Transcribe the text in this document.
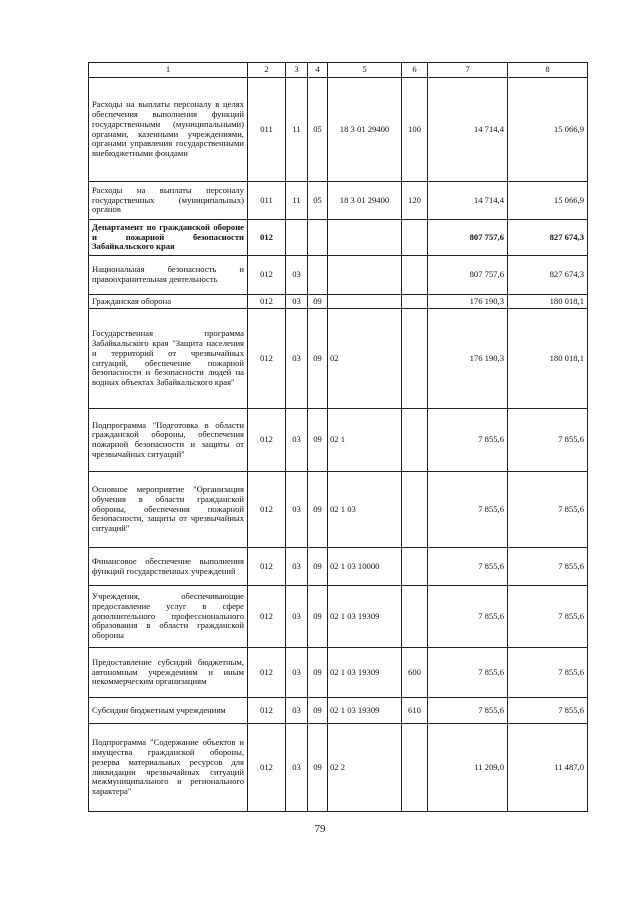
1	2	3	4	5	6	7	8
Расходы на выплаты персоналу в целях обеспечения выполнения функций государственными (муниципальными) органами, казенными учреждениями, органами управления государственными внебюджетными фондами	011	11	05	18 3 01 29400	100	14 714,4	15 066,9
Расходы на выплаты персоналу государственных (муниципальных) органов	011	11	05	18 3 01 29400	120	14 714,4	15 066,9
Департамент по гражданской обороне и пожарной безопасности Забайкальского края	012					807 757,6	827 674,3
Национальная безопасность и правоохранительная деятельность	012	03				807 757,6	827 674,3
Гражданская оборона	012	03	09			176 190,3	180 018,1
Государственная программа Забайкальского края "Защита населения и территорий от чрезвычайных ситуаций, обеспечение пожарной безопасности и безопасности людей на водных объектах Забайкальского края"	012	03	09	02		176 190,3	180 018,1
Подпрограмма "Подготовка в области гражданской обороны, обеспечения пожарной безопасности и защиты от чрезвычайных ситуаций"	012	03	09	02 1		7 855,6	7 855,6
Основное мероприятие "Организация обучения в области гражданской обороны, обеспечения пожарной безопасности, защиты от чрезвычайных ситуаций"	012	03	09	02 1 03		7 855,6	7 855,6
Финансовое обеспечение выполнения функций государственных учреждений	012	03	09	02 1 03 10000		7 855,6	7 855,6
Учреждения, обеспечивающие предоставление услуг в сфере дополнительного профессионального образования в области гражданской обороны	012	03	09	02 1 03 19309		7 855,6	7 855,6
Предоставление субсидий бюджетным, автономным учреждениям и иным некоммерческим организациям	012	03	09	02 1 03 19309	600	7 855,6	7 855,6
Субсидии бюджетным учреждениям	012	03	09	02 1 03 19309	610	7 855,6	7 855,6
Подпрограмма "Содержание объектов и имущества гражданской обороны, резерва материальных ресурсов для ликвидации чрезвычайных ситуаций межмуниципального и регионального характера"	012	03	09	02 2		11 209,0	11 487,0
79
